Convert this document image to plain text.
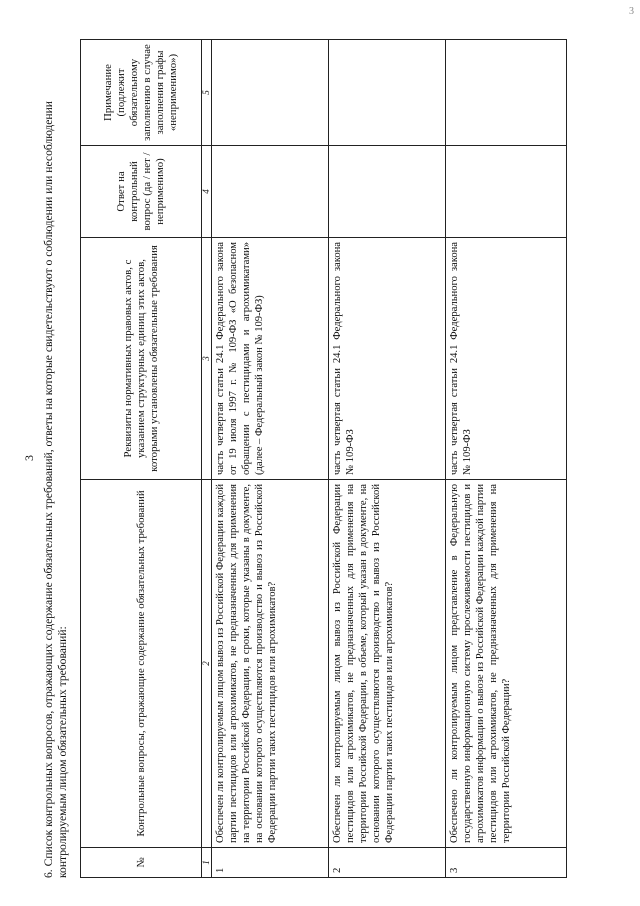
3 6. Список контрольных вопросов, отражающих содержание обязательных требований, ответы на которые свидетельствуют о соблюдении или несоблюдении контролируемым лицом обязательных требований:	№	Контрольные вопросы, отражающие содержание обязательных требований	Реквизиты нормативных правовых актов, с указанием структурных единиц этих актов, которыми установлены обязательные требования	Ответ на контрольный вопрос (да / нет / неприменимо)	Примечание (подлежит обязательному заполнению в случае заполнения графы «неприменимо»)
1	2	3	4	5
1	Обеспечен ли контролируемым лицом вывоз из Российской Федерации каждой партии пестицидов или агрохимикатов, не предназначенных для применения на территории Российской Федерации, в сроки, которые указаны в документе, на основании которого осуществляются производство и вывоз из Российской Федерации партии таких пестицидов или агрохимикатов?	часть четвертая статьи 24.1 Федерального закона от 19 июля 1997 г. № 109-ФЗ «О безопасном обращении с пестицидами и агрохимикатами» (далее – Федеральный закон № 109-ФЗ)		
2	Обеспечен ли контролируемым лицом вывоз из Российской Федерации пестицидов или агрохимикатов, не предназначенных для применения на территории Российской Федерации, в объеме, который указан в документе, на основании которого осуществляются производство и вывоз из Российской Федерации партии таких пестицидов или агрохимикатов?	часть четвертая статьи 24.1 Федерального закона № 109-ФЗ		
3	Обеспечено ли контролируемым лицом представление в Федеральную государственную информационную систему прослеживаемости пестицидов и агрохимикатов информации о вывозе из Российской Федерации каждой партии пестицидов или агрохимикатов, не предназначенных для применения на территории Российской Федерации?	часть четвертая статьи 24.1 Федерального закона № 109-ФЗ		
3
